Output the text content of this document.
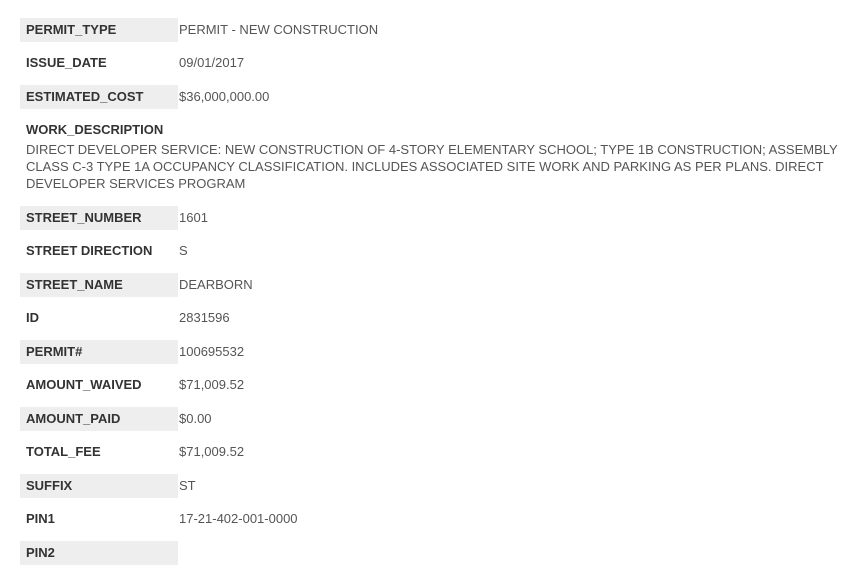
PERMIT_TYPE	PERMIT - NEW CONSTRUCTION
ISSUE_DATE	09/01/2017
ESTIMATED_COST	$36,000,000.00
WORK_DESCRIPTION
DIRECT DEVELOPER SERVICE: NEW CONSTRUCTION OF 4-STORY ELEMENTARY SCHOOL; TYPE 1B CONSTRUCTION; ASSEMBLY CLASS C-3 TYPE 1A OCCUPANCY CLASSIFICATION. INCLUDES ASSOCIATED SITE WORK AND PARKING AS PER PLANS. DIRECT DEVELOPER SERVICES PROGRAM
STREET_NUMBER	1601
STREET DIRECTION	S
STREET_NAME	DEARBORN
ID	2831596
PERMIT#	100695532
AMOUNT_WAIVED	$71,009.52
AMOUNT_PAID	$0.00
TOTAL_FEE	$71,009.52
SUFFIX	ST
PIN1	17-21-402-001-0000
PIN2
